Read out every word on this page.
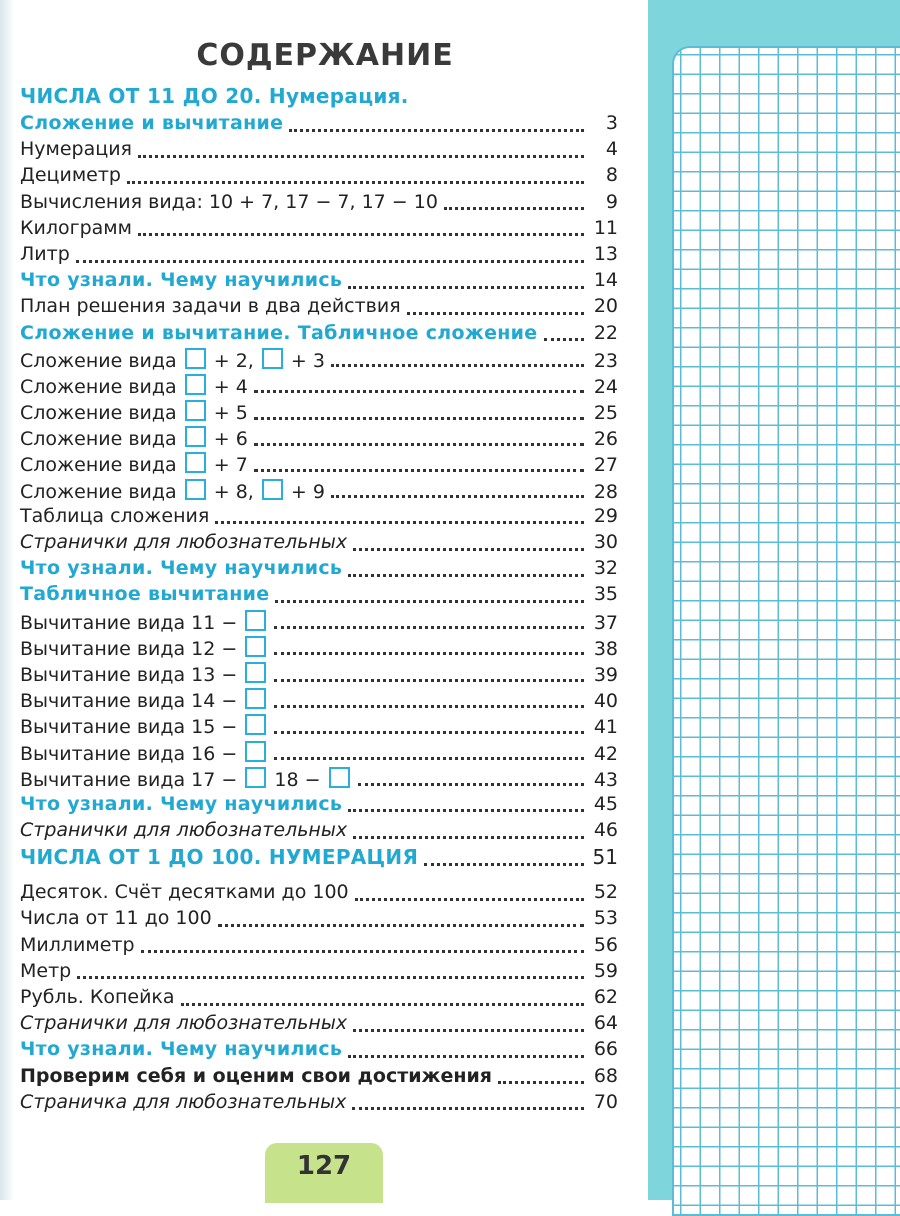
СОДЕРЖАНИЕ
ЧИСЛА ОТ 11 ДО 20. Нумерация.
Сложение и вычитание	3
Нумерация	4
Дециметр	8
Вычисления вида: 10 + 7, 17 − 7, 17 − 10	9
Килограмм	11
Литр	13
Что узнали. Чему научились	14
План решения задачи в два действия	20
Сложение и вычитание. Табличное сложение	22
Сложение вида  + 2,  + 3	23
Сложение вида  + 4	24
Сложение вида  + 5	25
Сложение вида  + 6	26
Сложение вида  + 7	27
Сложение вида  + 8,  + 9	28
Таблица сложения	29
Странички для любознательных	30
Что узнали. Чему научились	32
Табличное вычитание	35
Вычитание вида 11 −	37
Вычитание вида 12 −	38
Вычитание вида 13 −	39
Вычитание вида 14 −	40
Вычитание вида 15 −	41
Вычитание вида 16 −	42
Вычитание вида 17 −  18 −	43
Что узнали. Чему научились	45
Странички для любознательных	46
ЧИСЛА ОТ 1 ДО 100. НУМЕРАЦИЯ	51
Десяток. Счёт десятками до 100	52
Числа от 11 до 100	53
Миллиметр	56
Метр	59
Рубль. Копейка	62
Странички для любознательных	64
Что узнали. Чему научились	66
Проверим себя и оценим свои достижения	68
Страничка для любознательных	70
127
